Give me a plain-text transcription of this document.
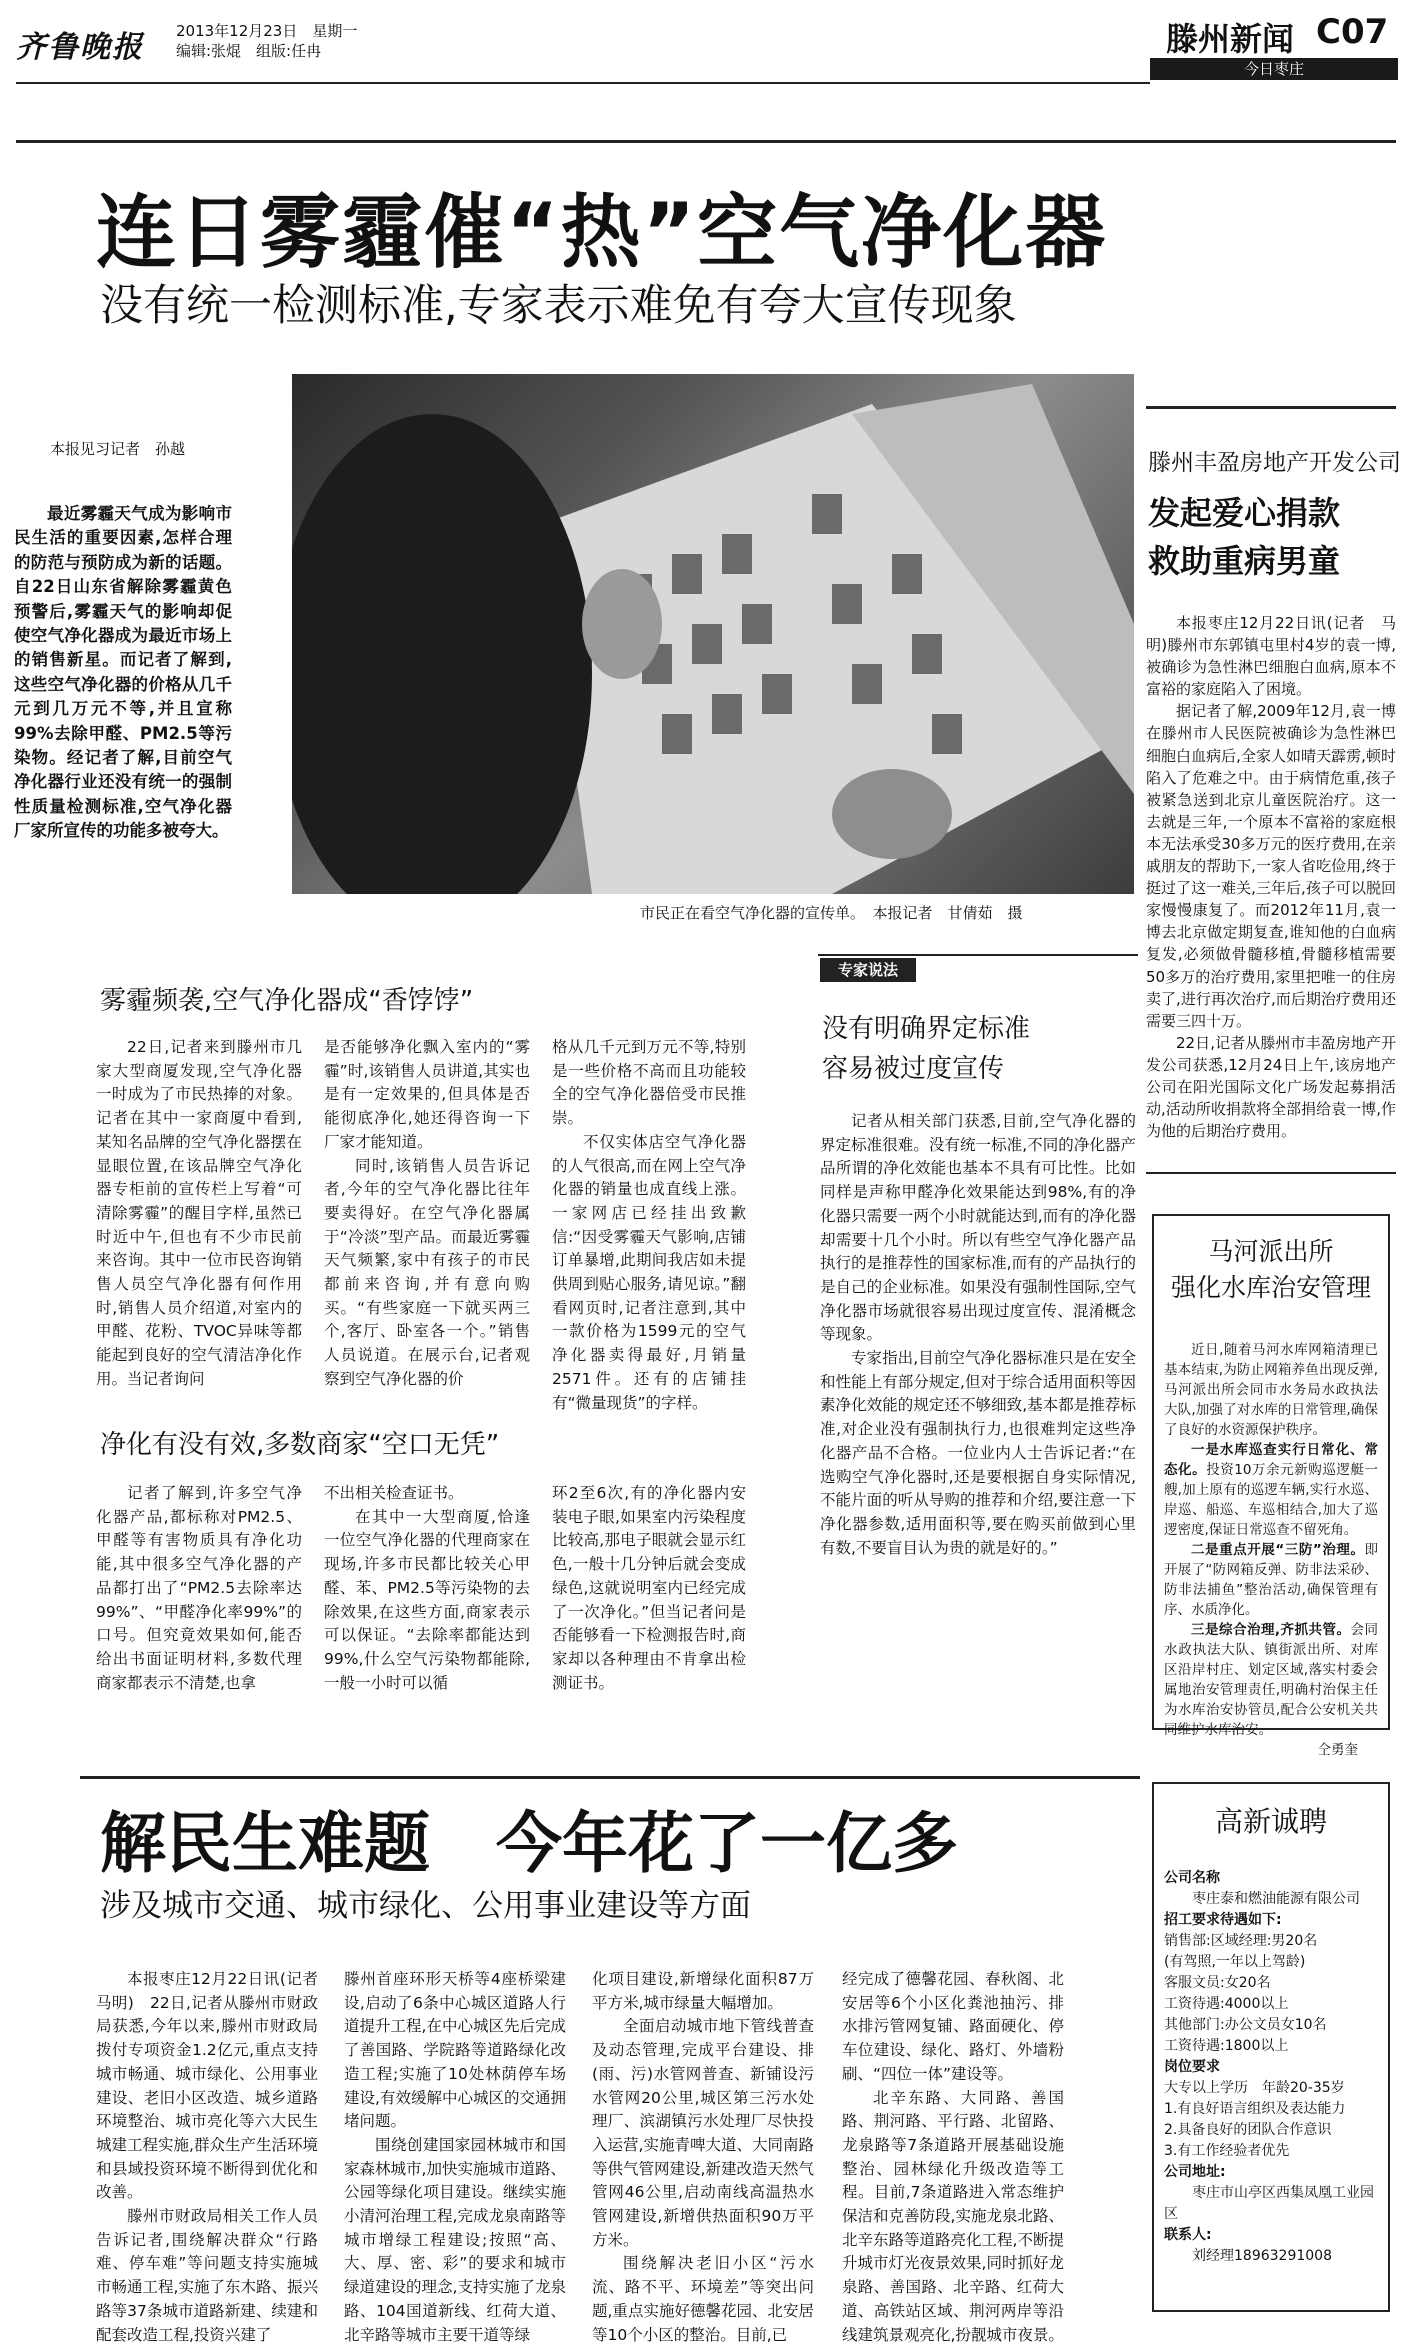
齐鲁晚报 2013年12月23日　星期一
编辑:张焜　组版:任冉	滕州新闻 C07
今日枣庄
连日雾霾催“热”空气净化器
没有统一检测标准,专家表示难免有夸大宣传现象
市民正在看空气净化器的宣传单。　本报记者　甘倩茹　摄
本报见习记者　孙越

最近雾霾天气成为影响市民生活的重要因素,怎样合理的防范与预防成为新的话题。自22日山东省解除雾霾黄色预警后,雾霾天气的影响却促使空气净化器成为最近市场上的销售新星。而记者了解到,这些空气净化器的价格从几千元到几万元不等,并且宣称99%去除甲醛、PM2.5等污染物。经记者了解,目前空气净化器行业还没有统一的强制性质量检测标准,空气净化器厂家所宣传的功能多被夸大。

雾霾频袭,空气净化器成“香饽饽”

22日,记者来到滕州市几家大型商厦发现,空气净化器一时成为了市民热捧的对象。记者在其中一家商厦中看到,某知名品牌的空气净化器摆在显眼位置,在该品牌空气净化器专柜前的宣传栏上写着“可清除雾霾”的醒目字样,虽然已时近中午,但也有不少市民前来咨询。其中一位市民咨询销售人员空气净化器有何作用时,销售人员介绍道,对室内的甲醛、花粉、TVOC异味等都能起到良好的空气清洁净化作用。当记者询问

是否能够净化飘入室内的“雾霾”时,该销售人员讲道,其实也是有一定效果的,但具体是否能彻底净化,她还得咨询一下厂家才能知道。

同时,该销售人员告诉记者,今年的空气净化器比往年要卖得好。在空气净化器属于“冷淡”型产品。而最近雾霾天气频繁,家中有孩子的市民都前来咨询,并有意向购买。“有些家庭一下就买两三个,客厅、卧室各一个。”销售人员说道。在展示台,记者观察到空气净化器的价

格从几千元到万元不等,特别是一些价格不高而且功能较全的空气净化器倍受市民推崇。

不仅实体店空气净化器的人气很高,而在网上空气净化器的销量也成直线上涨。一家网店已经挂出致歉信:“因受雾霾天气影响,店铺订单暴增,此期间我店如未提供周到贴心服务,请见谅。”翻看网页时,记者注意到,其中一款价格为1599元的空气净化器卖得最好,月销量2571件。还有的店铺挂有“微量现货”的字样。

净化有没有效,多数商家“空口无凭”

记者了解到,许多空气净化器产品,都标称对PM2.5、甲醛等有害物质具有净化功能,其中很多空气净化器的产品都打出了“PM2.5去除率达99%”、“甲醛净化率99%”的口号。但究竟效果如何,能否给出书面证明材料,多数代理商家都表示不清楚,也拿

不出相关检查证书。

在其中一大型商厦,恰逢一位空气净化器的代理商家在现场,许多市民都比较关心甲醛、苯、PM2.5等污染物的去除效果,在这些方面,商家表示可以保证。“去除率都能达到99%,什么空气污染物都能除,一般一小时可以循

环2至6次,有的净化器内安装电子眼,如果室内污染程度比较高,那电子眼就会显示红色,一般十几分钟后就会变成绿色,这就说明室内已经完成了一次净化。”但当记者问是否能够看一下检测报告时,商家却以各种理由不肯拿出检测证书。

专家说法
没有明确界定标准
容易被过度宣传

记者从相关部门获悉,目前,空气净化器的界定标准很难。没有统一标准,不同的净化器产品所谓的净化效能也基本不具有可比性。比如同样是声称甲醛净化效果能达到98%,有的净化器只需要一两个小时就能达到,而有的净化器却需要十几个小时。所以有些空气净化器产品执行的是推荐性的国家标准,而有的产品执行的是自己的企业标准。如果没有强制性国际,空气净化器市场就很容易出现过度宣传、混淆概念等现象。

专家指出,目前空气净化器标准只是在安全和性能上有部分规定,但对于综合适用面积等因素净化效能的规定还不够细致,基本都是推荐标准,对企业没有强制执行力,也很难判定这些净化器产品不合格。一位业内人士告诉记者:“在选购空气净化器时,还是要根据自身实际情况,不能片面的听从导购的推荐和介绍,要注意一下净化器参数,适用面积等,要在购买前做到心里有数,不要盲目认为贵的就是好的。”

滕州丰盈房地产开发公司
发起爱心捐款
救助重病男童

本报枣庄12月22日讯(记者　马明)滕州市东郭镇屯里村4岁的袁一博,被确诊为急性淋巴细胞白血病,原本不富裕的家庭陷入了困境。

据记者了解,2009年12月,袁一博在滕州市人民医院被确诊为急性淋巴细胞白血病后,全家人如晴天霹雳,顿时陷入了危难之中。由于病情危重,孩子被紧急送到北京儿童医院治疗。这一去就是三年,一个原本不富裕的家庭根本无法承受30多万元的医疗费用,在亲戚朋友的帮助下,一家人省吃俭用,终于挺过了这一难关,三年后,孩子可以脱回家慢慢康复了。而2012年11月,袁一博去北京做定期复查,谁知他的白血病复发,必须做骨髓移植,骨髓移植需要50多万的治疗费用,家里把唯一的住房卖了,进行再次治疗,而后期治疗费用还需要三四十万。

22日,记者从滕州市丰盈房地产开发公司获悉,12月24日上午,该房地产公司在阳光国际文化广场发起募捐活动,活动所收捐款将全部捐给袁一博,作为他的后期治疗费用。

马河派出所
强化水库治安管理

近日,随着马河水库网箱清理已基本结束,为防止网箱养鱼出现反弹,马河派出所会同市水务局水政执法大队,加强了对水库的日常管理,确保了良好的水资源保护秩序。

一是水库巡查实行日常化、常态化。投资10万余元新购巡逻艇一艘,加上原有的巡逻车辆,实行水巡、岸巡、船巡、车巡相结合,加大了巡逻密度,保证日常巡查不留死角。

二是重点开展“三防”治理。即开展了“防网箱反弹、防非法采砂、防非法捕鱼”整治活动,确保管理有序、水质净化。

三是综合治理,齐抓共管。会同水政执法大队、镇街派出所、对库区沿岸村庄、划定区域,落实村委会属地治安管理责任,明确村治保主任为水库治安协管员,配合公安机关共同维护水库治安。

仝勇奎

解民生难题　今年花了一亿多
涉及城市交通、城市绿化、公用事业建设等方面

本报枣庄12月22日讯(记者　马明)　22日,记者从滕州市财政局获悉,今年以来,滕州市财政局拨付专项资金1.2亿元,重点支持城市畅通、城市绿化、公用事业建设、老旧小区改造、城乡道路环境整治、城市亮化等六大民生城建工程实施,群众生产生活环境和县域投资环境不断得到优化和改善。

滕州市财政局相关工作人员告诉记者,围绕解决群众“行路难、停车难”等问题支持实施城市畅通工程,实施了东木路、振兴路等37条城市道路新建、续建和配套改造工程,投资兴建了

滕州首座环形天桥等4座桥梁建设,启动了6条中心城区道路人行道提升工程,在中心城区先后完成了善国路、学院路等道路绿化改造工程;实施了10处林荫停车场建设,有效缓解中心城区的交通拥堵问题。

围绕创建国家园林城市和国家森林城市,加快实施城市道路、公园等绿化项目建设。继续实施小清河治理工程,完成龙泉南路等城市增绿工程建设;按照“高、大、厚、密、彩”的要求和城市绿道建设的理念,支持实施了龙泉路、104国道新线、红荷大道、北辛路等城市主要干道等绿

化项目建设,新增绿化面积87万平方米,城市绿量大幅增加。

全面启动城市地下管线普查及动态管理,完成平台建设、排(雨、污)水管网普查、新铺设污水管网20公里,城区第三污水处理厂、滨湖镇污水处理厂尽快投入运营,实施青啤大道、大同南路等供气管网建设,新建改造天然气管网46公里,启动南线高温热水管网建设,新增供热面积90万平方米。

围绕解决老旧小区“污水流、路不平、环境差”等突出问题,重点实施好德馨花园、北安居等10个小区的整治。目前,已

经完成了德馨花园、春秋阁、北安居等6个小区化粪池抽污、排水排污管网复铺、路面硬化、停车位建设、绿化、路灯、外墙粉刷、“四位一体”建设等。

北辛东路、大同路、善国路、荆河路、平行路、北留路、龙泉路等7条道路开展基础设施整治、园林绿化升级改造等工程。目前,7条道路进入常态维护保洁和克善防段,实施龙泉北路、北辛东路等道路亮化工程,不断提升城市灯光夜景效果,同时抓好龙泉路、善国路、北辛路、红荷大道、高铁站区域、荆河两岸等沿线建筑景观亮化,扮靓城市夜景。

高新诚聘
公司名称
枣庄泰和燃油能源有限公司
招工要求待遇如下:
销售部:区域经理:男20名
(有驾照,一年以上驾龄)
客服文员:女20名
工资待遇:4000以上
其他部门:办公文员女10名
工资待遇:1800以上
岗位要求
大专以上学历　年龄20-35岁
1.有良好语言组织及表达能力
2.具备良好的团队合作意识
3.有工作经验者优先
公司地址:
枣庄市山亭区西集凤凰工业园区
联系人:
刘经理18963291008
